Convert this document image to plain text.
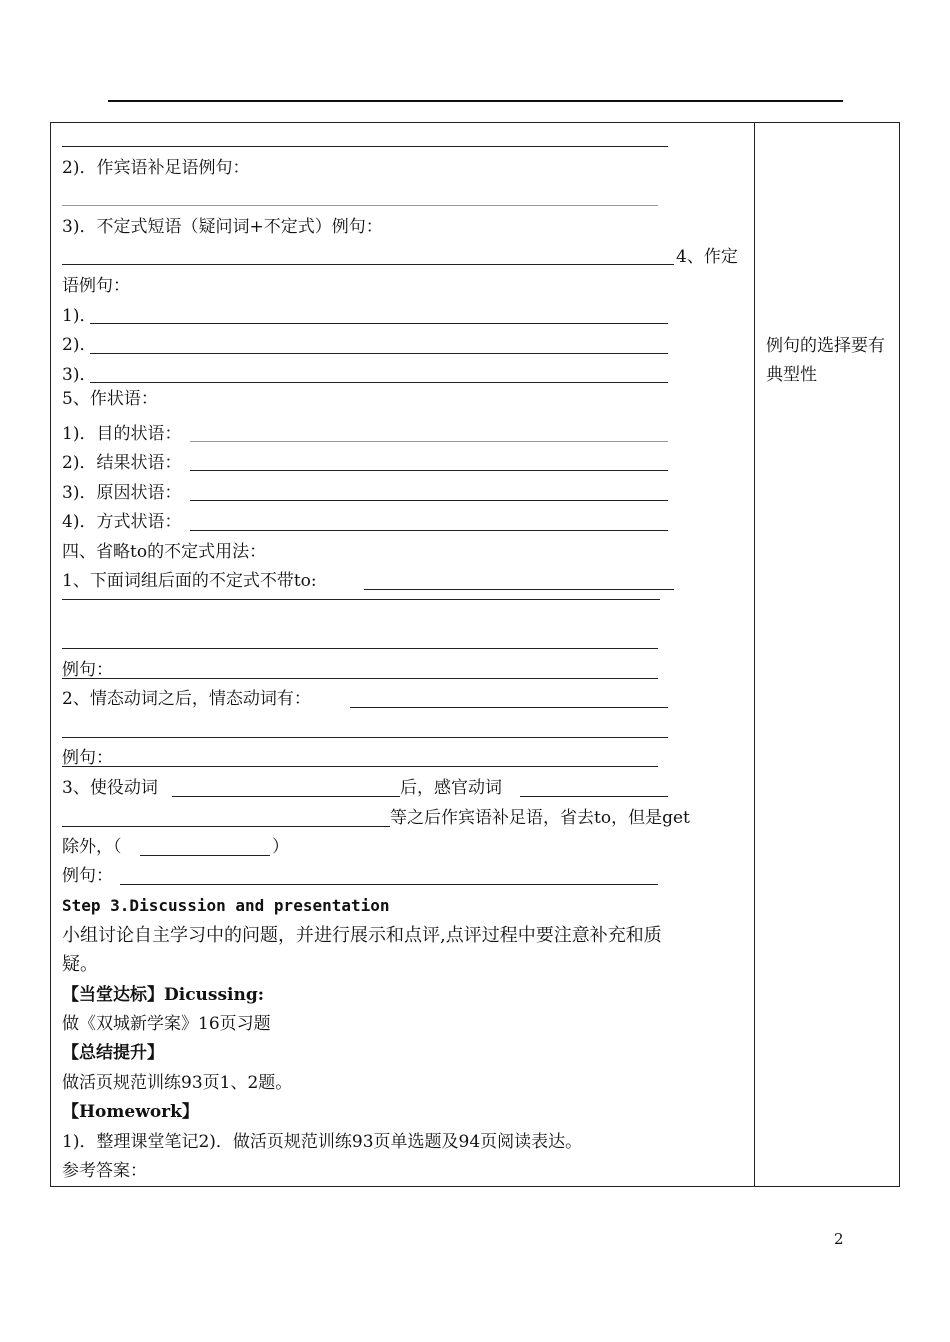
2)．作宾语补足语例句：
3)．不定式短语（疑问词+不定式）例句：
4、作定
语例句：
1)．
2)．
3)．
5、作状语：
1)．目的状语：
2)．结果状语：
3)．原因状语：
4)．方式状语：
四、省略to的不定式用法：
1、下面词组后面的不定式不带to:
例句：
2、情态动词之后，情态动词有：
例句：
3、使役动词	后，感官动词
等之后作宾语补足语，省去to，但是get
除外，（	）
例句：
Step 3.Discussion and presentation
小组讨论自主学习中的问题，并进行展示和点评,点评过程中要注意补充和质
疑。
【当堂达标】Dicussing:
做《双城新学案》16页习题
【总结提升】
做活页规范训练93页1、2题。
【Homework】
1)．整理课堂笔记2)．做活页规范训练93页单选题及94页阅读表达。
参考答案：
例句的选择要有典型性
2
